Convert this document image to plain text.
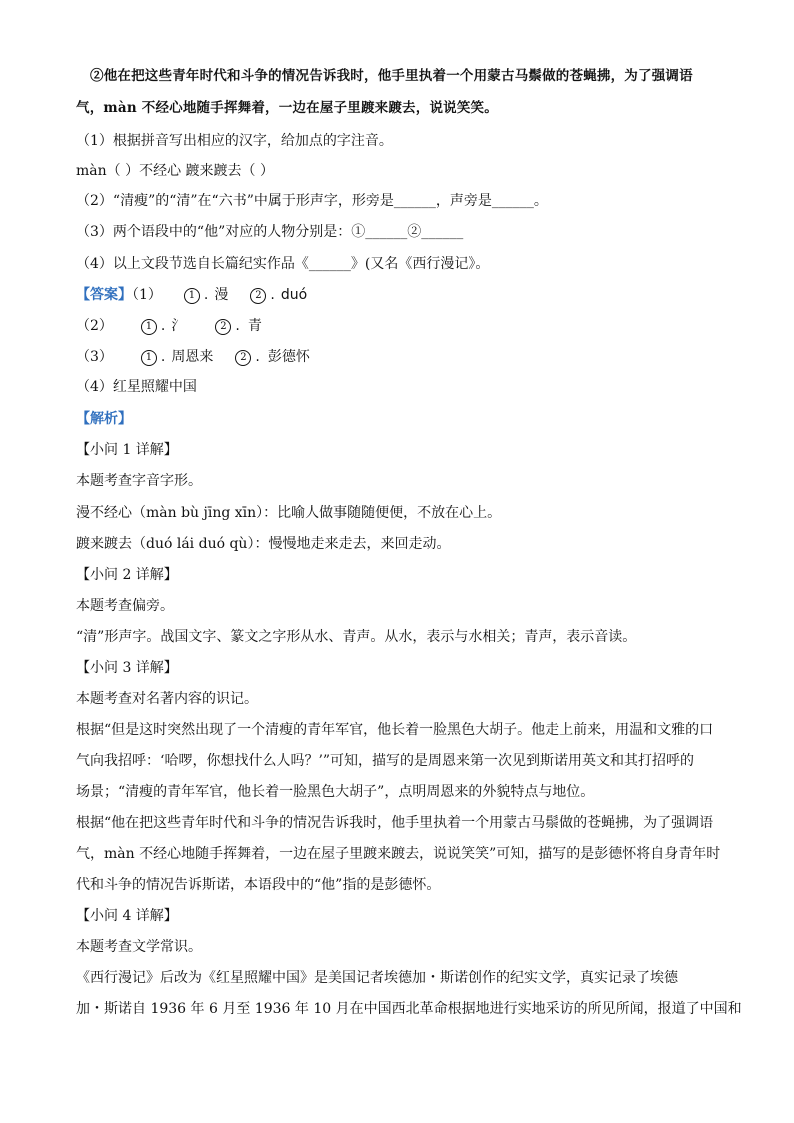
②他在把这些青年时代和斗争的情况告诉我时，他手里执着一个用蒙古马鬃做的苍蝇拂，为了强调语
气，màn 不经心地随手挥舞着，一边在屋子里踱来踱去，说说笑笑。
（1）根据拼音写出相应的汉字，给加点的字注音。
màn（ ）不经心 踱来踱去（ ）
（2）“清瘦”的“清”在“六书”中属于形声字，形旁是______，声旁是______。
（3）两个语段中的“他”对应的人物分别是：①______②______
（4）以上文段节选自长篇纪实作品《______》(又名《西行漫记》。
【答案】（1）	1 . 漫	2 . duó
（2）	1 . 氵	2 . 青
（3）	1 . 周恩来	2 . 彭德怀
（4）红星照耀中国
【解析】
【小问 1 详解】
本题考查字音字形。
漫不经心（màn bù jīng xīn）：比喻人做事随随便便，不放在心上。
踱来踱去（duó lái duó qù）：慢慢地走来走去，来回走动。
【小问 2 详解】
本题考查偏旁。
“清”形声字。战国文字、篆文之字形从水、青声。从水，表示与水相关；青声，表示音读。
【小问 3 详解】
本题考查对名著内容的识记。
根据“但是这时突然出现了一个清瘦的青年军官，他长着一脸黑色大胡子。他走上前来，用温和文雅的口
气向我招呼：‘哈啰，你想找什么人吗？’”可知，描写的是周恩来第一次见到斯诺用英文和其打招呼的
场景；“清瘦的青年军官，他长着一脸黑色大胡子”，点明周恩来的外貌特点与地位。
根据“他在把这些青年时代和斗争的情况告诉我时，他手里执着一个用蒙古马鬃做的苍蝇拂，为了强调语
气，màn 不经心地随手挥舞着，一边在屋子里踱来踱去，说说笑笑”可知，描写的是彭德怀将自身青年时
代和斗争的情况告诉斯诺，本语段中的“他”指的是彭德怀。
【小问 4 详解】
本题考查文学常识。
《西行漫记》后改为《红星照耀中国》是美国记者埃德加・斯诺创作的纪实文学，真实记录了埃德
加・斯诺自 1936 年 6 月至 1936 年 10 月在中国西北革命根据地进行实地采访的所见所闻，报道了中国和
